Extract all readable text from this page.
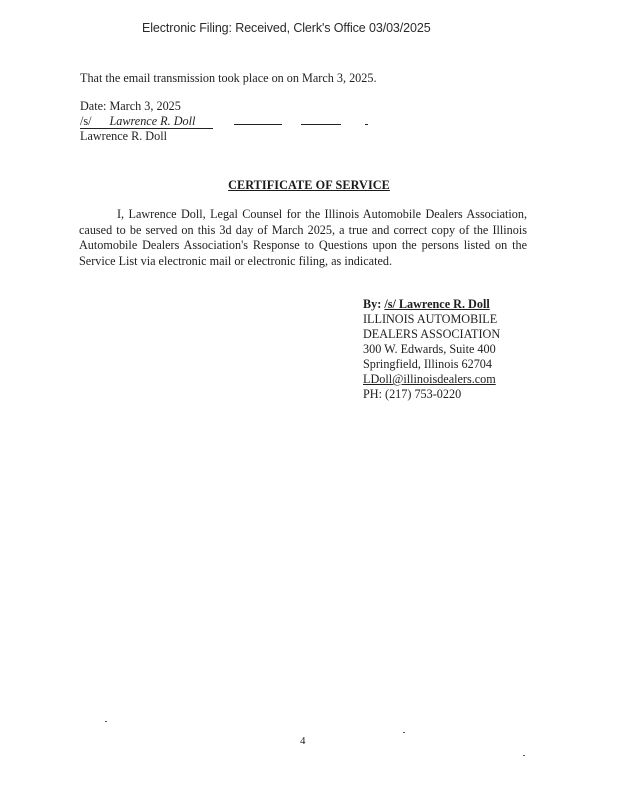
Electronic Filing: Received, Clerk's Office 03/03/2025
That the email transmission took place on on March 3, 2025.
Date: March 3, 2025
/s/ Lawrence R. Doll
Lawrence R. Doll
CERTIFICATE OF SERVICE
I, Lawrence Doll, Legal Counsel for the Illinois Automobile Dealers Association, caused to be served on this 3d day of March 2025, a true and correct copy of the Illinois Automobile Dealers Association's Response to Questions upon the persons listed on the Service List via electronic mail or electronic filing, as indicated.
By: /s/ Lawrence R. Doll
ILLINOIS AUTOMOBILE
DEALERS ASSOCIATION
300 W. Edwards, Suite 400
Springfield, Illinois 62704
LDoll@illinoisdealers.com
PH: (217) 753-0220
4
